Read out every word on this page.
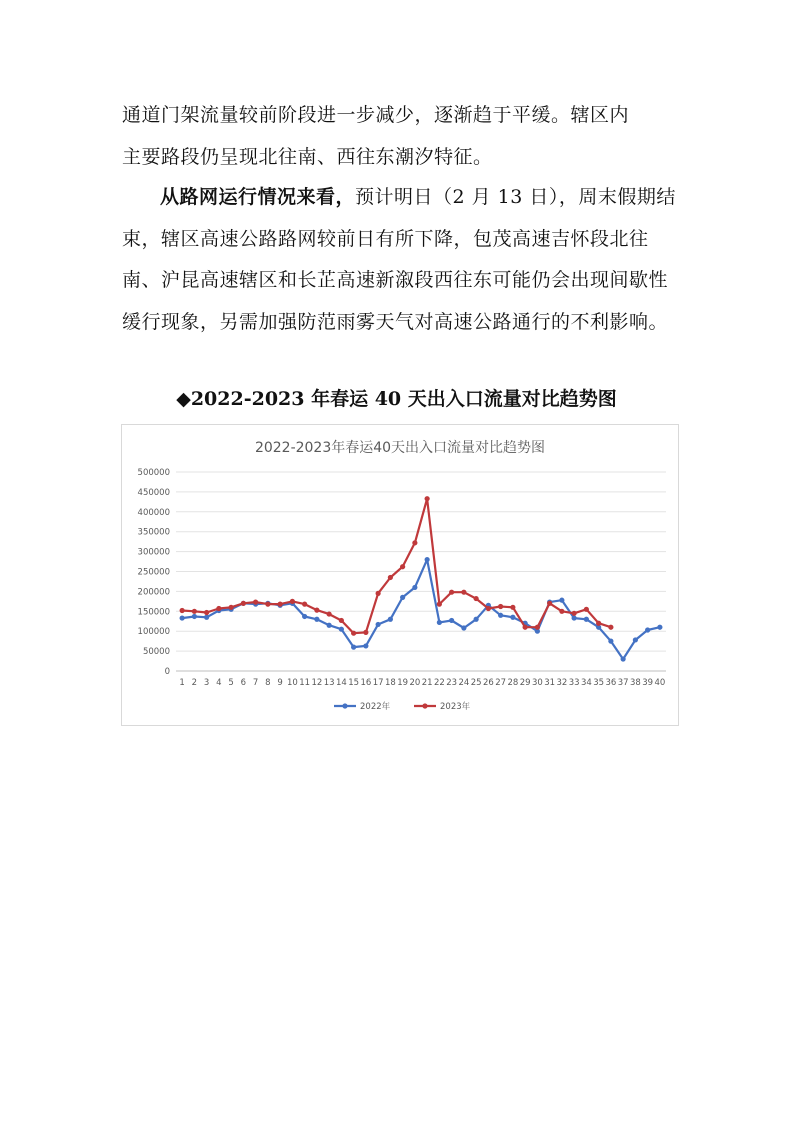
通道门架流量较前阶段进一步减少，逐渐趋于平缓。辖区内
主要路段仍呈现北往南、西往东潮汐特征。
从路网运行情况来看，预计明日（2 月 13 日），周末假期结束，辖区高速公路路网较前日有所下降，包茂高速吉怀段北往南、沪昆高速辖区和长芷高速新溆段西往东可能仍会出现间歇性缓行现象，另需加强防范雨雾天气对高速公路通行的不利影响。
◆2022-2023 年春运 40 天出入口流量对比趋势图
2022-2023年春运40天出入口流量对比趋势图
0
50000
100000
150000
200000
250000
300000
350000
400000
450000
500000
1 2 3 4 5 6 7 8 9 10 11 12 13 14 15 16 17 18 19 20 21 22 23 24 25 26 27 28 29 30 31 32 33 34 35 36 37 38 39 40
2022年	2023年
